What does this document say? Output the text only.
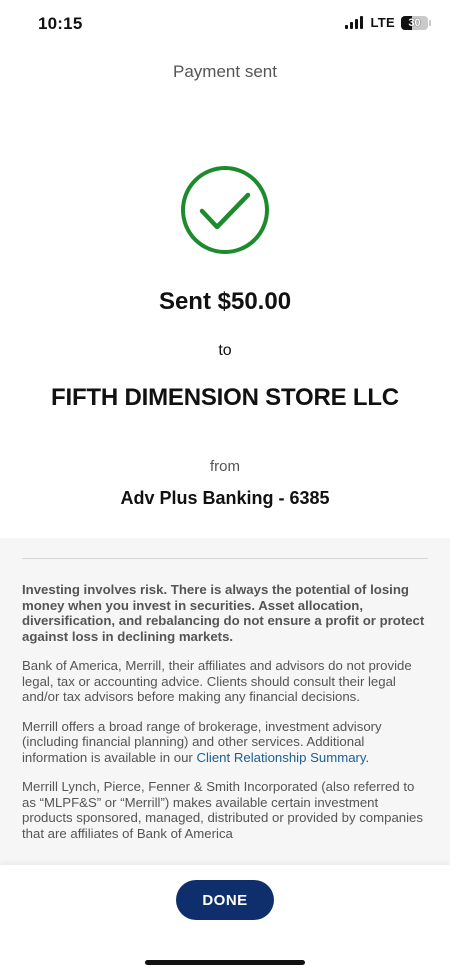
10:15	LTE 30
Payment sent
Sent $50.00
to
FIFTH DIMENSION STORE LLC
from
Adv Plus Banking - 6385

Investing involves risk. There is always the potential of losing money when you invest in securities. Asset allocation, diversification, and rebalancing do not ensure a profit or protect against loss in declining markets.

Bank of America, Merrill, their affiliates and advisors do not provide legal, tax or accounting advice. Clients should consult their legal and/or tax advisors before making any financial decisions.

Merrill offers a broad range of brokerage, investment advisory (including financial planning) and other services. Additional information is available in our Client Relationship Summary.

Merrill Lynch, Pierce, Fenner & Smith Incorporated (also referred to as “MLPF&S” or “Merrill”) makes available certain investment products sponsored, managed, distributed or provided by companies that are affiliates of Bank of America

DONE
